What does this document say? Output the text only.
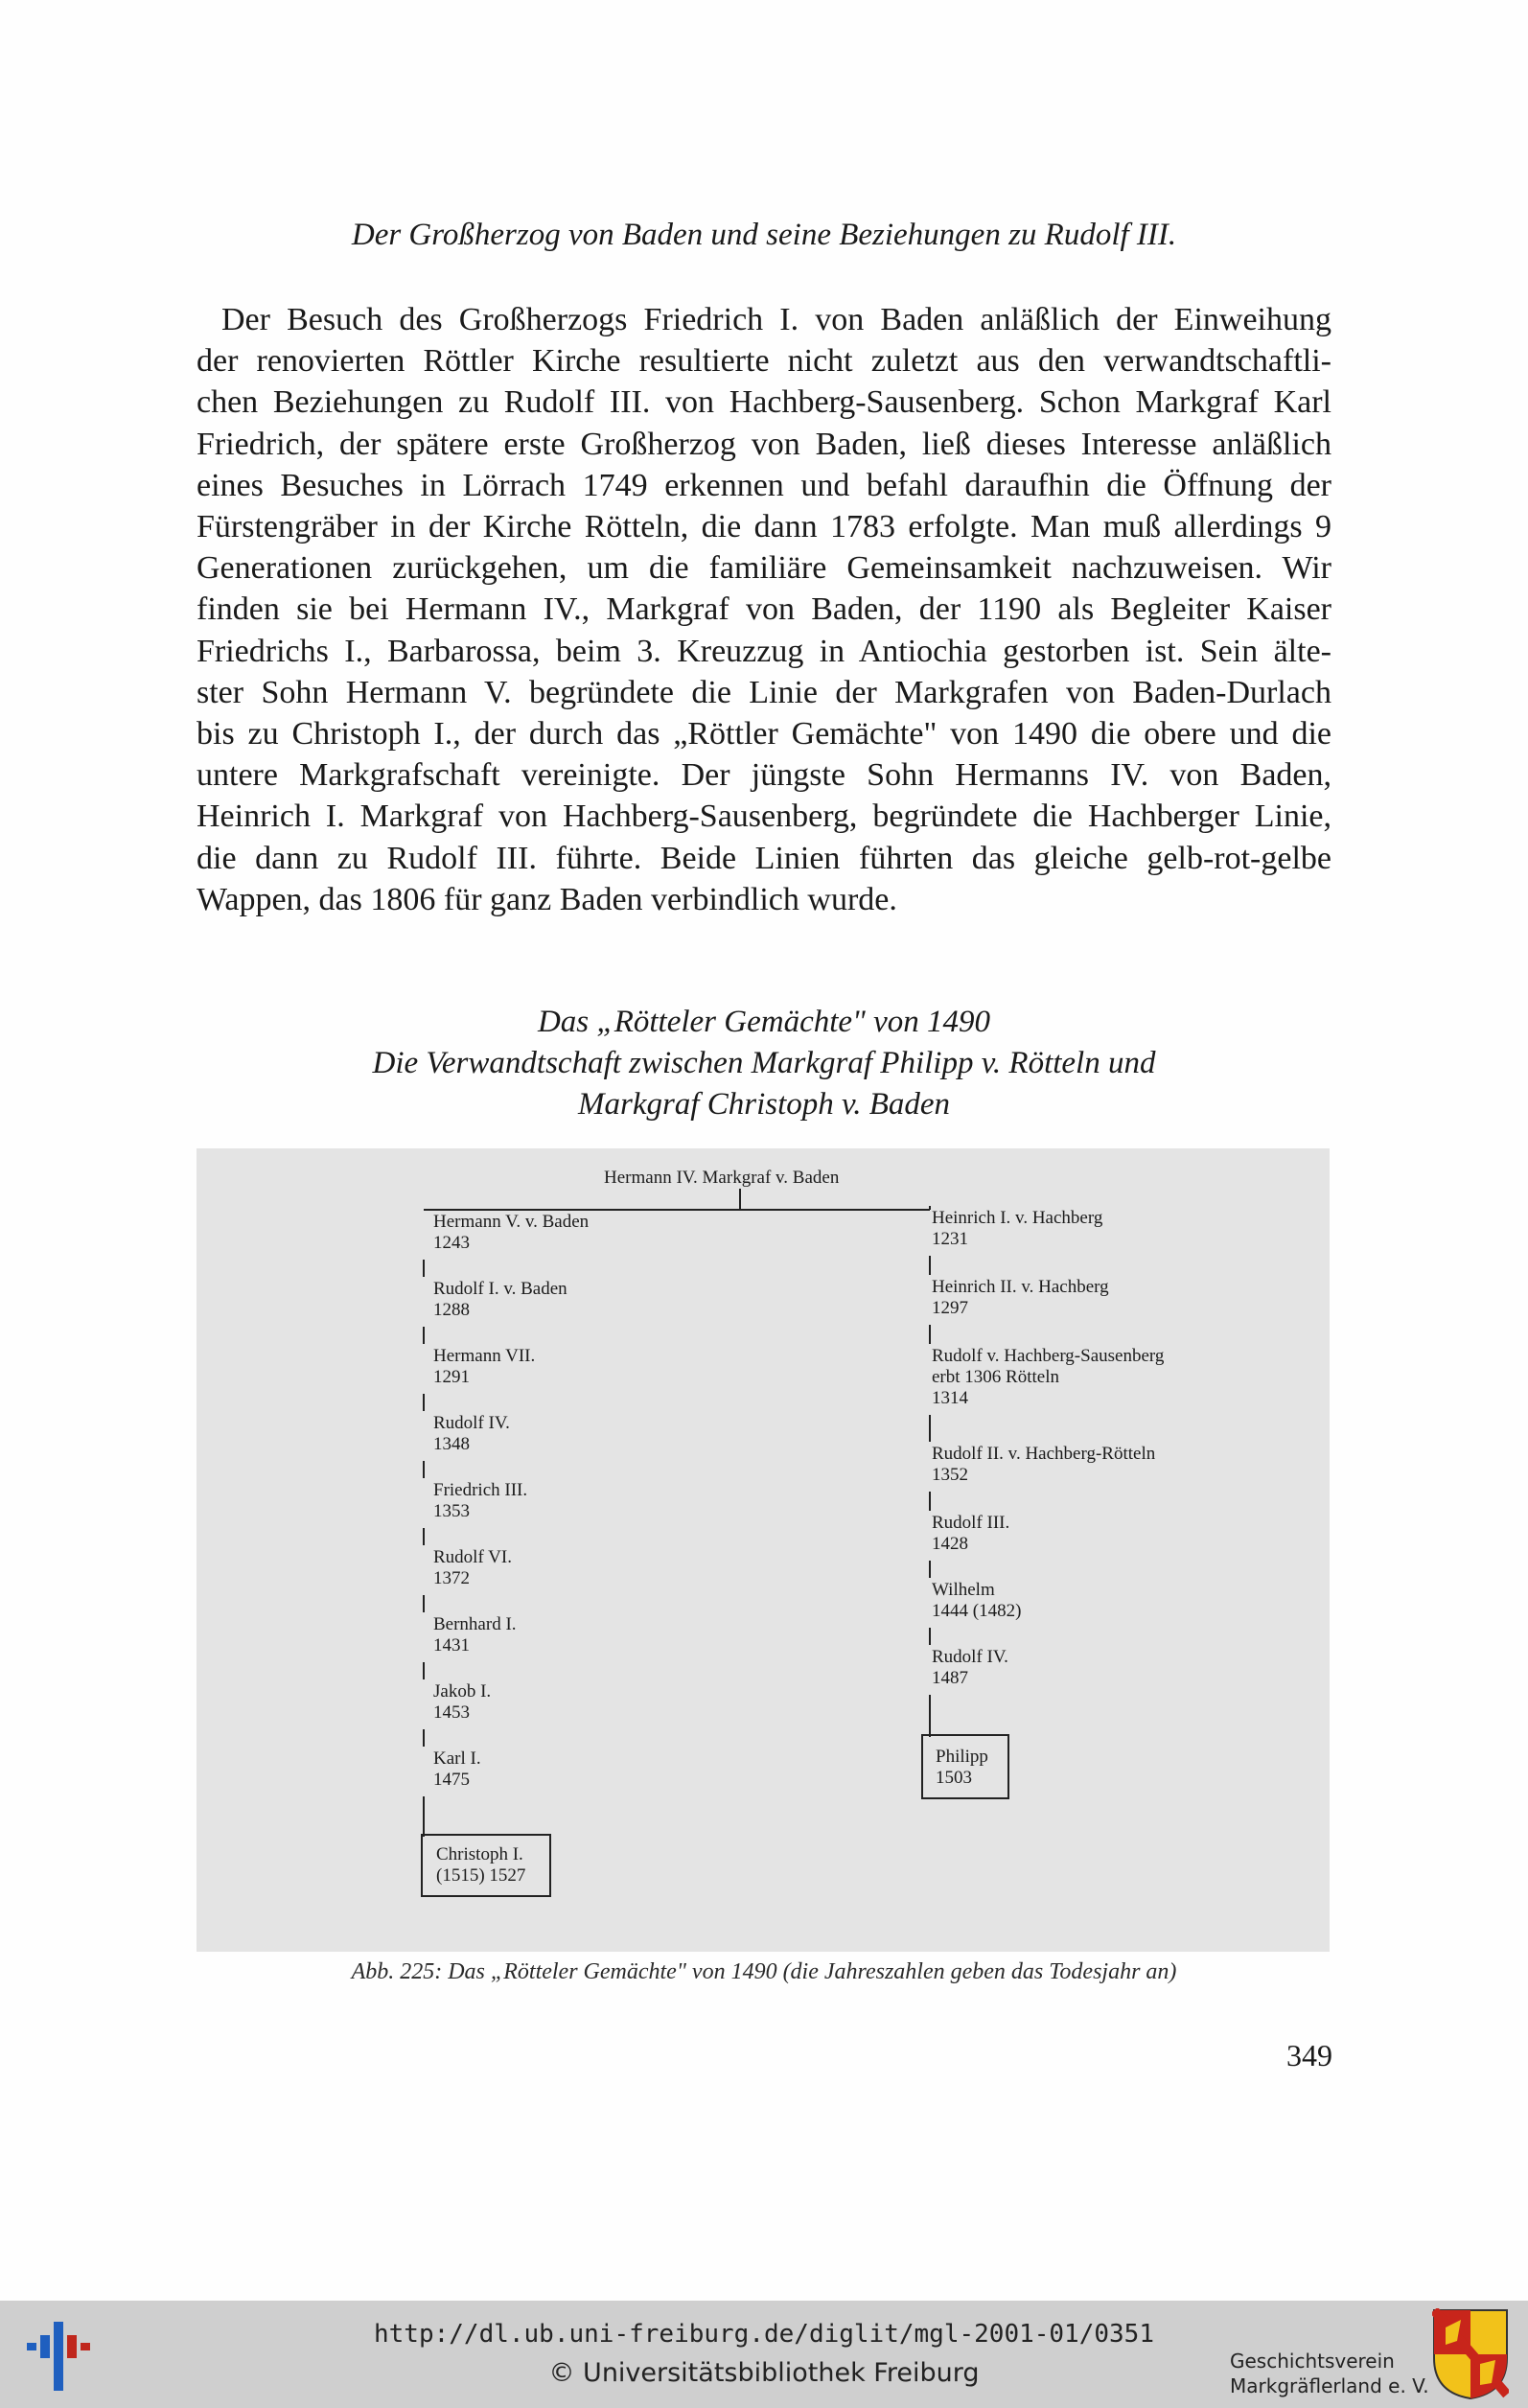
Der Großherzog von Baden und seine Beziehungen zu Rudolf III.
Der Besuch des Großherzogs Friedrich I. von Baden anläßlich der Einweihung
der renovierten Röttler Kirche resultierte nicht zuletzt aus den verwandtschaftli-
chen Beziehungen zu Rudolf III. von Hachberg-Sausenberg. Schon Markgraf Karl
Friedrich, der spätere erste Großherzog von Baden, ließ dieses Interesse anläßlich
eines Besuches in Lörrach 1749 erkennen und befahl daraufhin die Öffnung der
Fürstengräber in der Kirche Rötteln, die dann 1783 erfolgte. Man muß allerdings 9
Generationen zurückgehen, um die familiäre Gemeinsamkeit nachzuweisen. Wir
finden sie bei Hermann IV., Markgraf von Baden, der 1190 als Begleiter Kaiser
Friedrichs I., Barbarossa, beim 3. Kreuzzug in Antiochia gestorben ist. Sein älte-
ster Sohn Hermann V. begründete die Linie der Markgrafen von Baden-Durlach
bis zu Christoph I., der durch das „Röttler Gemächte" von 1490 die obere und die
untere Markgrafschaft vereinigte. Der jüngste Sohn Hermanns IV. von Baden,
Heinrich I. Markgraf von Hachberg-Sausenberg, begründete die Hachberger Linie,
die dann zu Rudolf III. führte. Beide Linien führten das gleiche gelb-rot-gelbe
Wappen, das 1806 für ganz Baden verbindlich wurde.
Das „Rötteler Gemächte" von 1490
Die Verwandtschaft zwischen Markgraf Philipp v. Rötteln und
Markgraf Christoph v. Baden
Hermann IV. Markgraf v. Baden
Hermann V. v. Baden
1243
Rudolf I. v. Baden
1288
Hermann VII.
1291
Rudolf IV.
1348
Friedrich III.
1353
Rudolf VI.
1372
Bernhard I.
1431
Jakob I.
1453
Karl I.
1475
Christoph I.
(1515) 1527
Heinrich I. v. Hachberg
1231
Heinrich II. v. Hachberg
1297
Rudolf v. Hachberg-Sausenberg
erbt 1306 Rötteln
1314
Rudolf II. v. Hachberg-Rötteln
1352
Rudolf III.
1428
Wilhelm
1444 (1482)
Rudolf IV.
1487
Philipp
1503
Abb. 225: Das „Rötteler Gemächte" von 1490 (die Jahreszahlen geben das Todesjahr an)
349
http://dl.ub.uni-freiburg.de/diglit/mgl-2001-01/0351
© Universitätsbibliothek Freiburg	Geschichtsverein
Markgräflerland e. V.
